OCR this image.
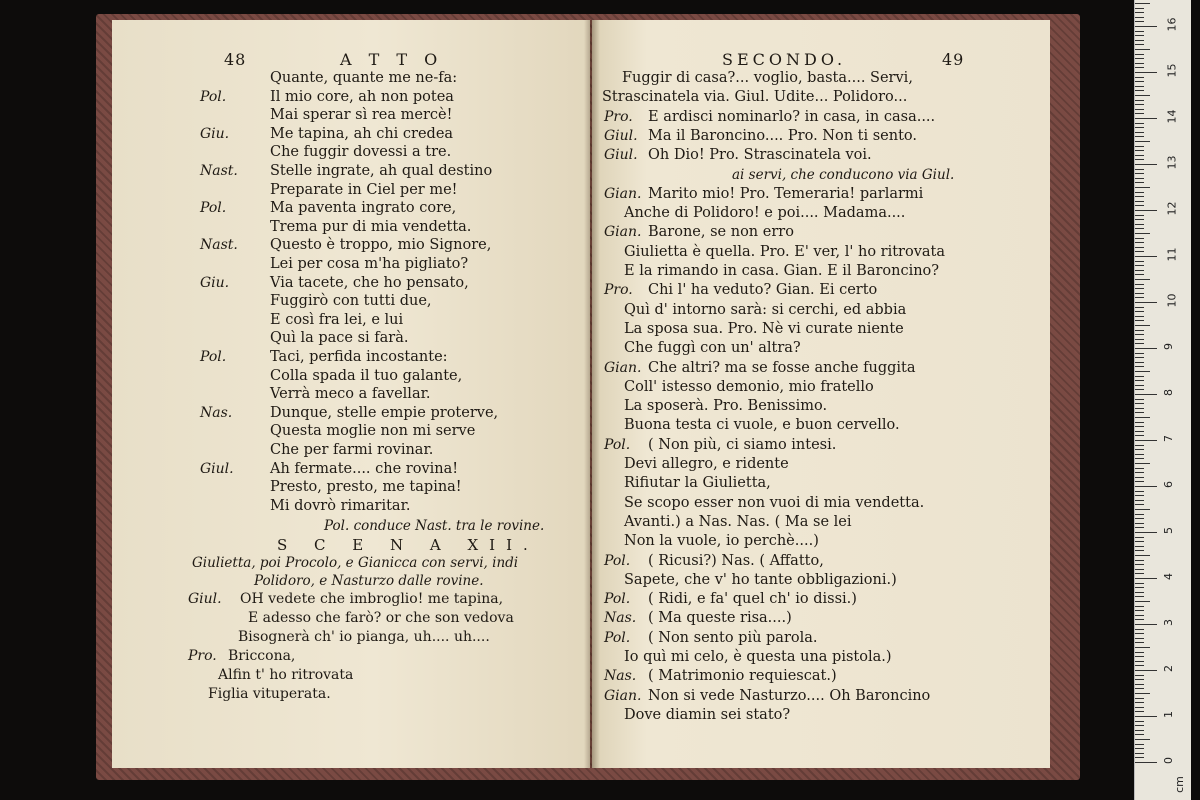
48	A T T O
Quante, quante me ne-fa:
Pol.	Il mio core, ah non potea
Mai sperar sì rea mercè!
Giu.	Me tapina, ah chi credea
Che fuggir dovessi a tre.
Nast. Stelle ingrate, ah qual destino
Preparate in Ciel per me!
Pol.	Ma paventa ingrato core,
Trema pur di mia vendetta.
Nast. Questo è troppo, mio Signore,
Lei per cosa m'ha pigliato?
Giu.	Via tacete, che ho pensato,
Fuggirò con tutti due,
E così fra lei, e lui
Quì la pace si farà.
Pol.	Taci, perfida incostante:
Colla spada il tuo galante,
Verrà meco a favellar.
Nas.	Dunque, stelle empie proterve,
Questa moglie non mi serve
Che per farmi rovinar.
Giul.	Ah fermate.... che rovina!
Presto, presto, me tapina!
Mi dovrò rimaritar.
Pol. conduce Nast. tra le rovine.
S C E N A XII.
Giulietta, poi Procolo, e Gianicca con servi, indi
Polidoro, e Nasturzo dalle rovine.
Giul. OH vedete che imbroglio! me tapina,
E adesso che farò? or che son vedova
Bisognerà ch' io pianga, uh.... uh....
Pro. Briccona,
Alfin t' ho ritrovata
Figlia vituperata.
SECONDO.	49
Fuggir di casa?... voglio, basta.... Servi,
Strascinatela via. Giul. Udite... Polidoro...
Pro. E ardisci nominarlo? in casa, in casa....
Giul. Ma il Baroncino.... Pro. Non ti sento.
Giul. Oh Dio! Pro. Strascinatela voi.
ai servi, che conducono via Giul.
Gian. Marito mio! Pro. Temeraria! parlarmi
Anche di Polidoro! e poi.... Madama....
Gian. Barone, se non erro
Giulietta è quella. Pro. E' ver, l' ho ritrovata
E la rimando in casa. Gian. E il Baroncino?
Pro. Chi l' ha veduto? Gian. Ei certo
Quì d' intorno sarà: si cerchi, ed abbia
La sposa sua. Pro. Nè vi curate niente
Che fuggì con un' altra?
Gian. Che altri? ma se fosse anche fuggita
Coll' istesso demonio, mio fratello
La sposerà. Pro. Benissimo.
Buona testa ci vuole, e buon cervello.
Pol. ( Non più, ci siamo intesi.
Devi allegro, e ridente
Rifiutar la Giulietta,
Se scopo esser non vuoi di mia vendetta.
Avanti.) a Nas. Nas. ( Ma se lei
Non la vuole, io perchè....)
Pol. ( Ricusi?) Nas. ( Affatto,
Sapete, che v' ho tante obbligazioni.)
Pol. ( Ridi, e fa' quel ch' io dissi.)
Nas. ( Ma queste risa....)
Pol. ( Non sento più parola.
Io quì mi celo, è questa una pistola.)
Nas. ( Matrimonio requiescat.)
Gian. Non si vede Nasturzo.... Oh Baroncino
Dove diamin sei stato?
0
1
2
3
4
5
6
7
8
9
10
11
12
13
14
15
16
cm
